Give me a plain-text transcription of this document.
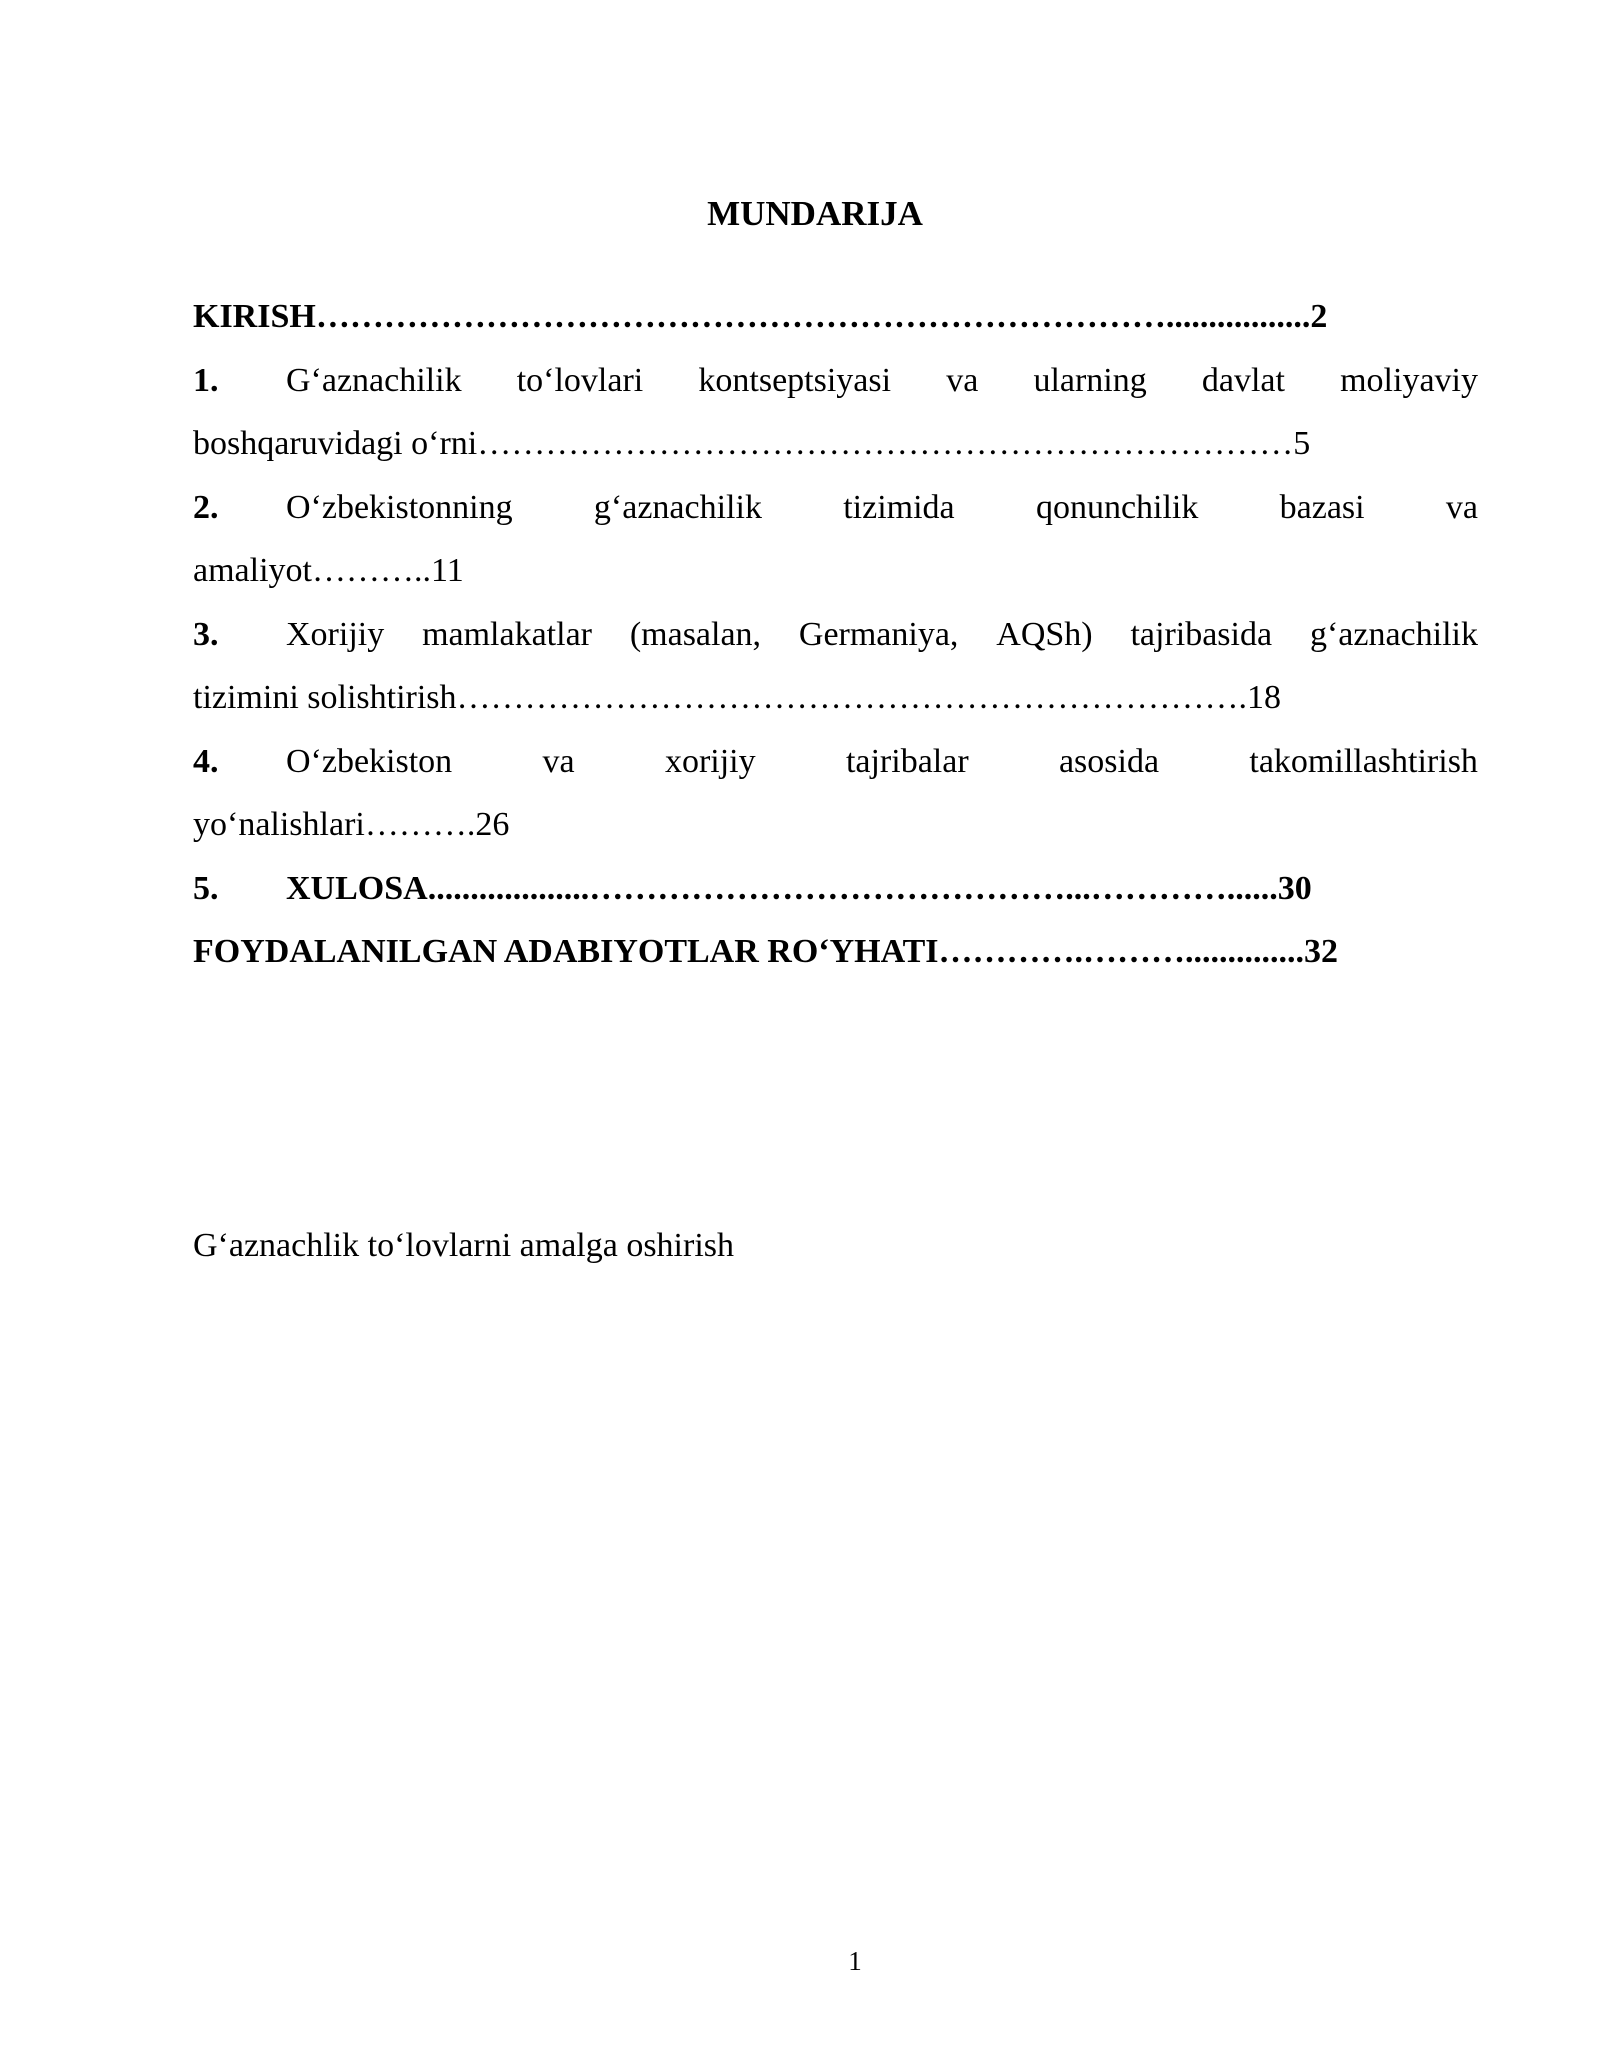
MUNDARIJA
KIRISH………………………………………………………………….................2
1.	G‘aznachilik to‘lovlari kontseptsiyasi va ularning davlat moliyaviy
boshqaruvidagi o‘rni………………………………………………………………5
2.	O‘zbekistonning g‘aznachilik tizimida qonunchilik bazasi va
amaliyot………..11
3.	Xorijiy mamlakatlar (masalan, Germaniya, AQSh) tajribasida g‘aznachilik
tizimini solishtirish…………………………………………………………….18
4.	O‘zbekiston	va	xorijiy	tajribalar	asosida	takomillashtirish
yo‘nalishlari……….26
5. XULOSA...................……………………………………...…………......30
FOYDALANILGAN ADABIYOTLAR RO‘YHATI………….………..............32
G‘aznachlik to‘lovlarni amalga oshirish
1
